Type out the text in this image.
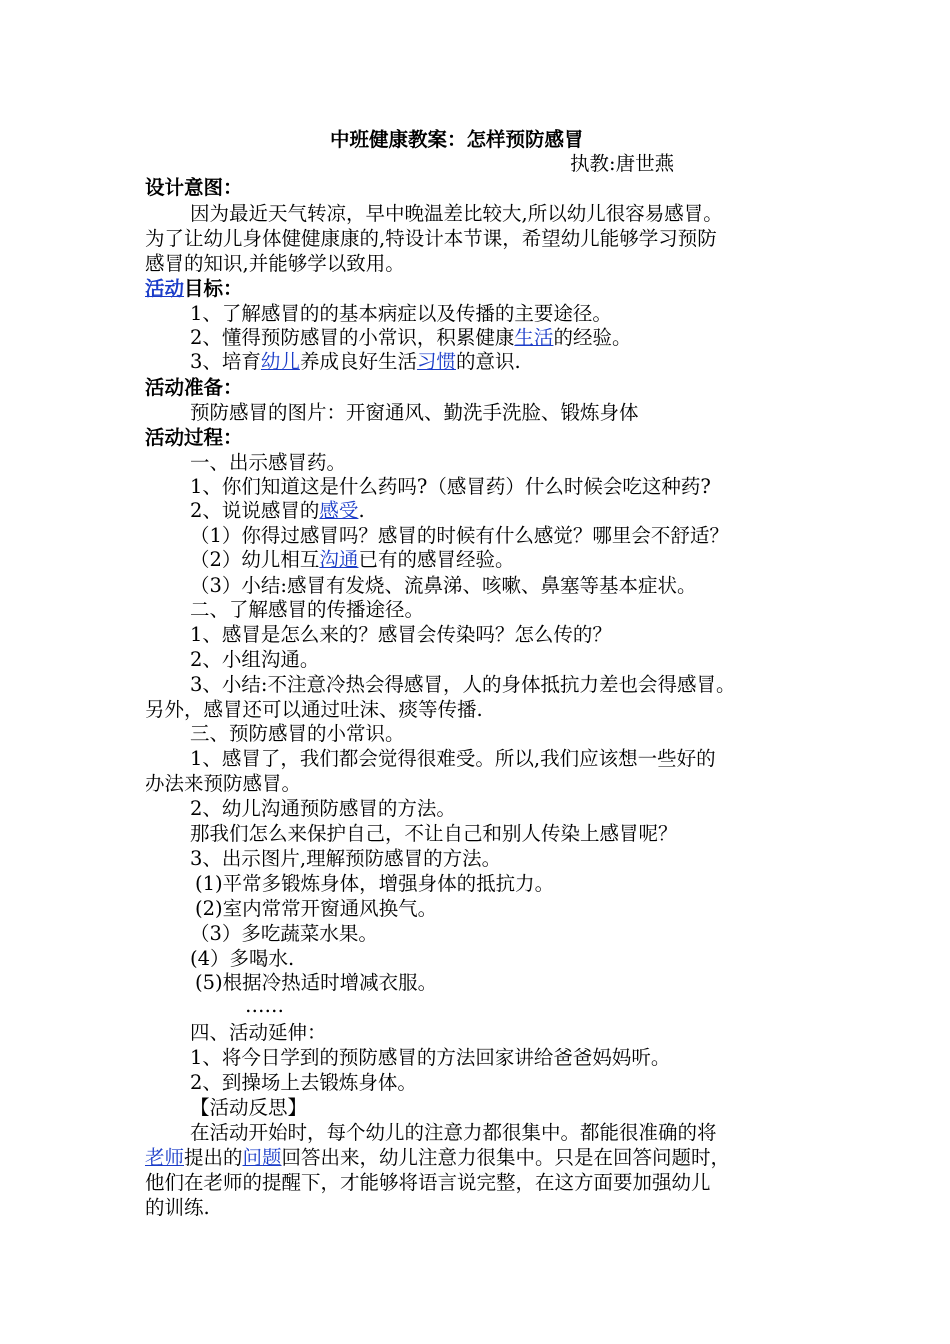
中班健康教案：怎样预防感冒
执教:唐世燕
设计意图：
因为最近天气转凉，早中晚温差比较大,所以幼儿很容易感冒。
为了让幼儿身体健健康康的,特设计本节课，希望幼儿能够学习预防
感冒的知识,并能够学以致用。
活动目标：
1、了解感冒的的基本病症以及传播的主要途径。
2、懂得预防感冒的小常识，积累健康生活的经验。
3、培育幼儿养成良好生活习惯的意识.
活动准备：
预防感冒的图片：开窗通风、勤洗手洗脸、锻炼身体
活动过程：
一、出示感冒药。
1、你们知道这是什么药吗?（感冒药）什么时候会吃这种药?
2、说说感冒的感受.
（1）你得过感冒吗？感冒的时候有什么感觉？哪里会不舒适？
（2）幼儿相互沟通已有的感冒经验。
（3）小结:感冒有发烧、流鼻涕、咳嗽、鼻塞等基本症状。
二、了解感冒的传播途径。
1、感冒是怎么来的？感冒会传染吗？怎么传的？
2、小组沟通。
3、小结:不注意冷热会得感冒，人的身体抵抗力差也会得感冒。
另外，感冒还可以通过吐沫、痰等传播.
三、预防感冒的小常识。
1、感冒了，我们都会觉得很难受。所以,我们应该想一些好的
办法来预防感冒。
2、幼儿沟通预防感冒的方法。
那我们怎么来保护自己，不让自己和别人传染上感冒呢？
3、出示图片,理解预防感冒的方法。
(1)平常多锻炼身体，增强身体的抵抗力。
(2)室内常常开窗通风换气。
（3）多吃蔬菜水果。
(4）多喝水.
(5)根据冷热适时增减衣服。
……
四、活动延伸：
1、将今日学到的预防感冒的方法回家讲给爸爸妈妈听。
2、到操场上去锻炼身体。
【活动反思】
在活动开始时，每个幼儿的注意力都很集中。都能很准确的将
老师提出的问题回答出来，幼儿注意力很集中。只是在回答问题时，
他们在老师的提醒下，才能够将语言说完整，在这方面要加强幼儿
的训练.
